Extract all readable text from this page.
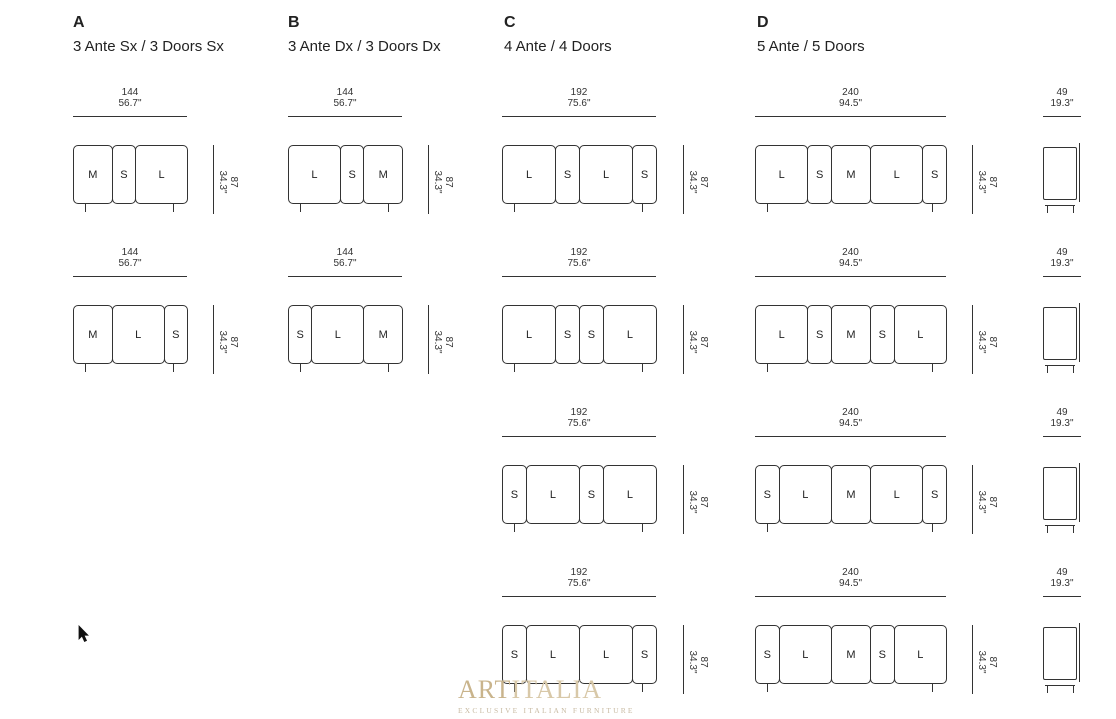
A
3 Ante Sx / 3 Doors Sx
B
3 Ante Dx / 3 Doors Dx
C
4 Ante / 4 Doors
D
5 Ante / 5 Doors
144
56.7"
M	S	L
87
34.3"
144
56.7"
M	L	S
87
34.3"
144
56.7"
L	S	M
87
34.3"
144
56.7"
S	L	M
87
34.3"
192
75.6"
L	S	L	S
87
34.3"
192
75.6"
L	S	S	L
87
34.3"
192
75.6"
S	L	S	L
87
34.3"
192
75.6"
S	L	L	S
87
34.3"
240
94.5"
L	S	M	L	S
87
34.3"
240
94.5"
L	S	M	S	L
87
34.3"
240
94.5"
S	L	M	L	S
87
34.3"
240
94.5"
S	L	M	S	L
87
34.3"
49
19.3"
49
19.3"
49
19.3"
49
19.3"
ARTITALIA
EXCLUSIVE ITALIAN FURNITURE
